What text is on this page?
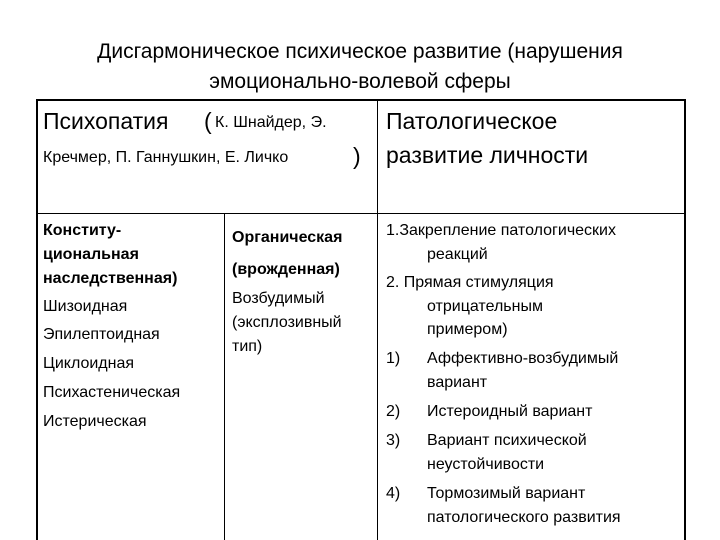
Дисгармоническое психическое развитие (нарушения
эмоционально-волевой сферы
Психопатия ( К. Шнайдер, Э.
Кречмер, П. Ганнушкин, Е. Личко	)
Патологическое
развитие личности
Конститу-
циональная
наследственная)
Шизоидная
Эпилептоидная
Циклоидная
Психастеническая
Истерическая
Органическая
(врожденная)
Возбудимый
(эксплозивный
тип)
1.Закрепление патологических
реакций
2. Прямая стимуляция
отрицательным
примером)
1) Аффективно-возбудимый
вариант
2) Истероидный вариант
3) Вариант психической
неустойчивости
4) Тормозимый вариант
патологического развития
